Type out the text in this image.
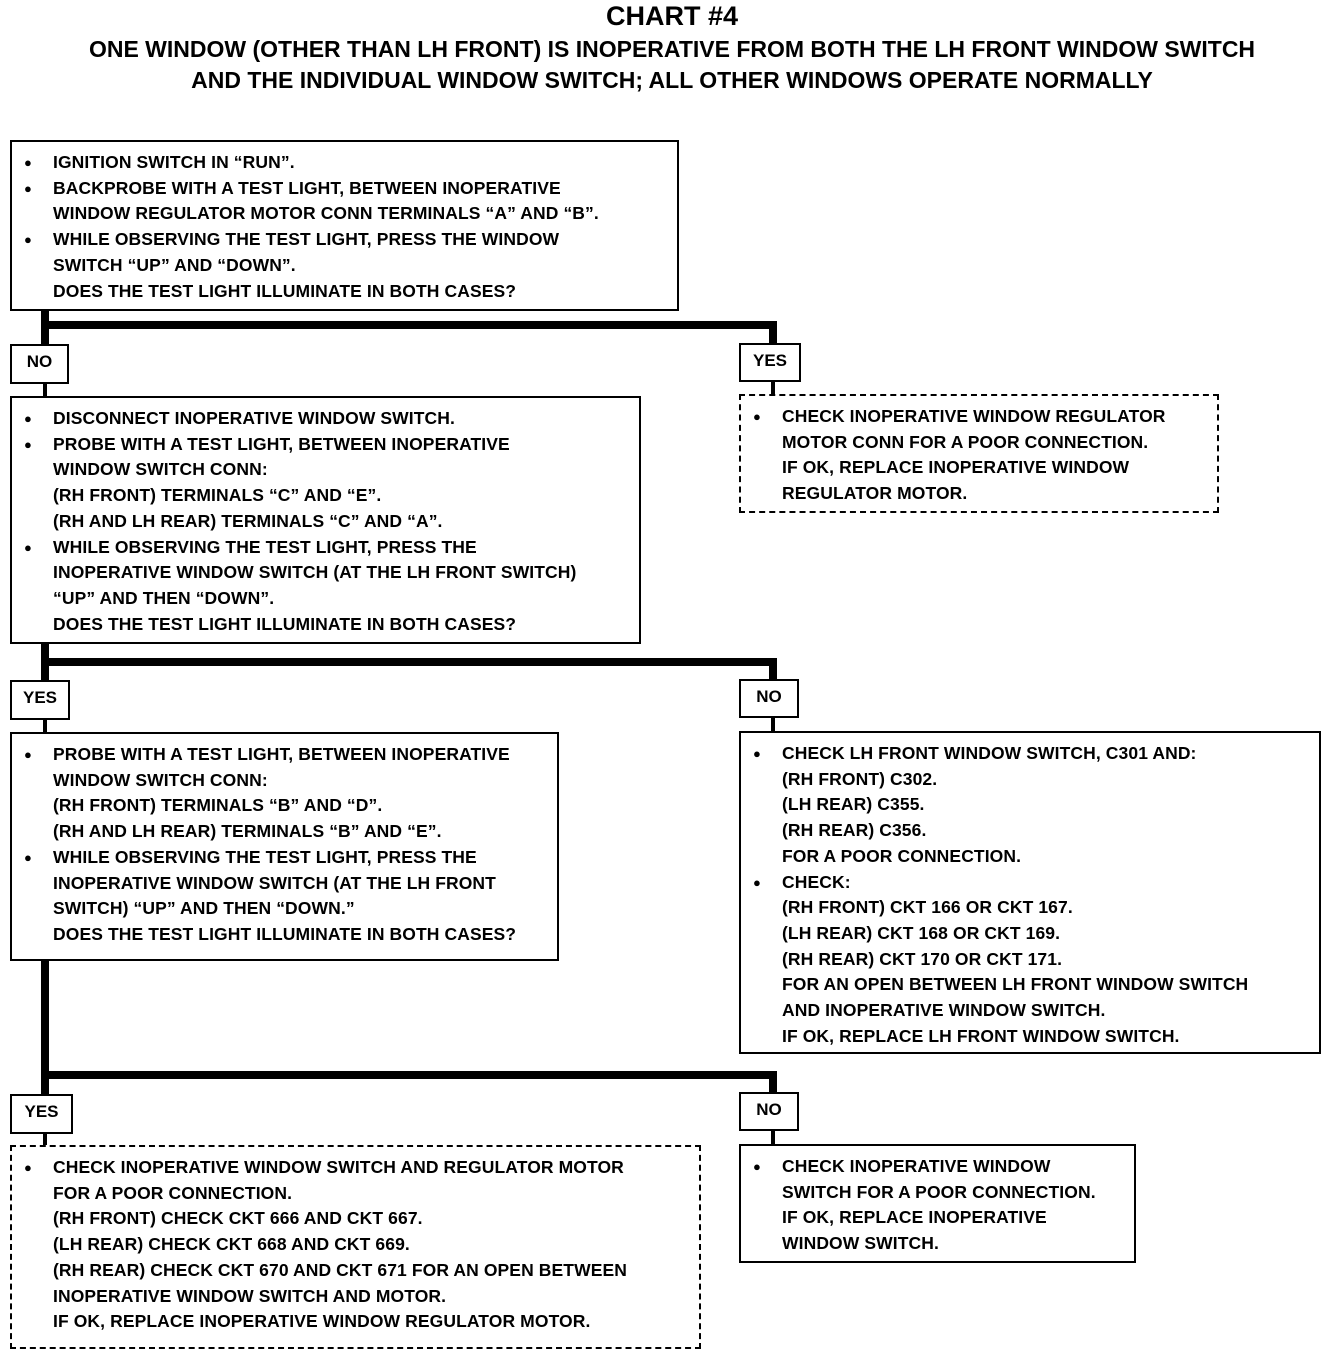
CHART #4
ONE WINDOW (OTHER THAN LH FRONT) IS INOPERATIVE FROM BOTH THE LH FRONT WINDOW SWITCH
AND THE INDIVIDUAL WINDOW SWITCH; ALL OTHER WINDOWS OPERATE NORMALLY
● IGNITION SWITCH IN “RUN”.
● BACKPROBE WITH A TEST LIGHT, BETWEEN INOPERATIVE
WINDOW REGULATOR MOTOR CONN TERMINALS “A” AND “B”.
● WHILE OBSERVING THE TEST LIGHT, PRESS THE WINDOW
SWITCH “UP” AND “DOWN”.
DOES THE TEST LIGHT ILLUMINATE IN BOTH CASES?
NO	YES
● CHECK INOPERATIVE WINDOW REGULATOR
MOTOR CONN FOR A POOR CONNECTION.
IF OK, REPLACE INOPERATIVE WINDOW
REGULATOR MOTOR.
● DISCONNECT INOPERATIVE WINDOW SWITCH.
● PROBE WITH A TEST LIGHT, BETWEEN INOPERATIVE
WINDOW SWITCH CONN:
(RH FRONT) TERMINALS “C” AND “E”.
(RH AND LH REAR) TERMINALS “C” AND “A”.
● WHILE OBSERVING THE TEST LIGHT, PRESS THE
INOPERATIVE WINDOW SWITCH (AT THE LH FRONT SWITCH)
“UP” AND THEN “DOWN”.
DOES THE TEST LIGHT ILLUMINATE IN BOTH CASES?
YES	NO
● CHECK LH FRONT WINDOW SWITCH, C301 AND:
(RH FRONT) C302.
(LH REAR) C355.
(RH REAR) C356.
FOR A POOR CONNECTION.
● CHECK:
(RH FRONT) CKT 166 OR CKT 167.
(LH REAR) CKT 168 OR CKT 169.
(RH REAR) CKT 170 OR CKT 171.
FOR AN OPEN BETWEEN LH FRONT WINDOW SWITCH
AND INOPERATIVE WINDOW SWITCH.
IF OK, REPLACE LH FRONT WINDOW SWITCH.
● PROBE WITH A TEST LIGHT, BETWEEN INOPERATIVE
WINDOW SWITCH CONN:
(RH FRONT) TERMINALS “B” AND “D”.
(RH AND LH REAR) TERMINALS “B” AND “E”.
● WHILE OBSERVING THE TEST LIGHT, PRESS THE
INOPERATIVE WINDOW SWITCH (AT THE LH FRONT
SWITCH) “UP” AND THEN “DOWN.”
DOES THE TEST LIGHT ILLUMINATE IN BOTH CASES?
YES	NO
● CHECK INOPERATIVE WINDOW SWITCH AND REGULATOR MOTOR
FOR A POOR CONNECTION.
(RH FRONT) CHECK CKT 666 AND CKT 667.
(LH REAR) CHECK CKT 668 AND CKT 669.
(RH REAR) CHECK CKT 670 AND CKT 671 FOR AN OPEN BETWEEN
INOPERATIVE WINDOW SWITCH AND MOTOR.
IF OK, REPLACE INOPERATIVE WINDOW REGULATOR MOTOR.
● CHECK INOPERATIVE WINDOW
SWITCH FOR A POOR CONNECTION.
IF OK, REPLACE INOPERATIVE
WINDOW SWITCH.
